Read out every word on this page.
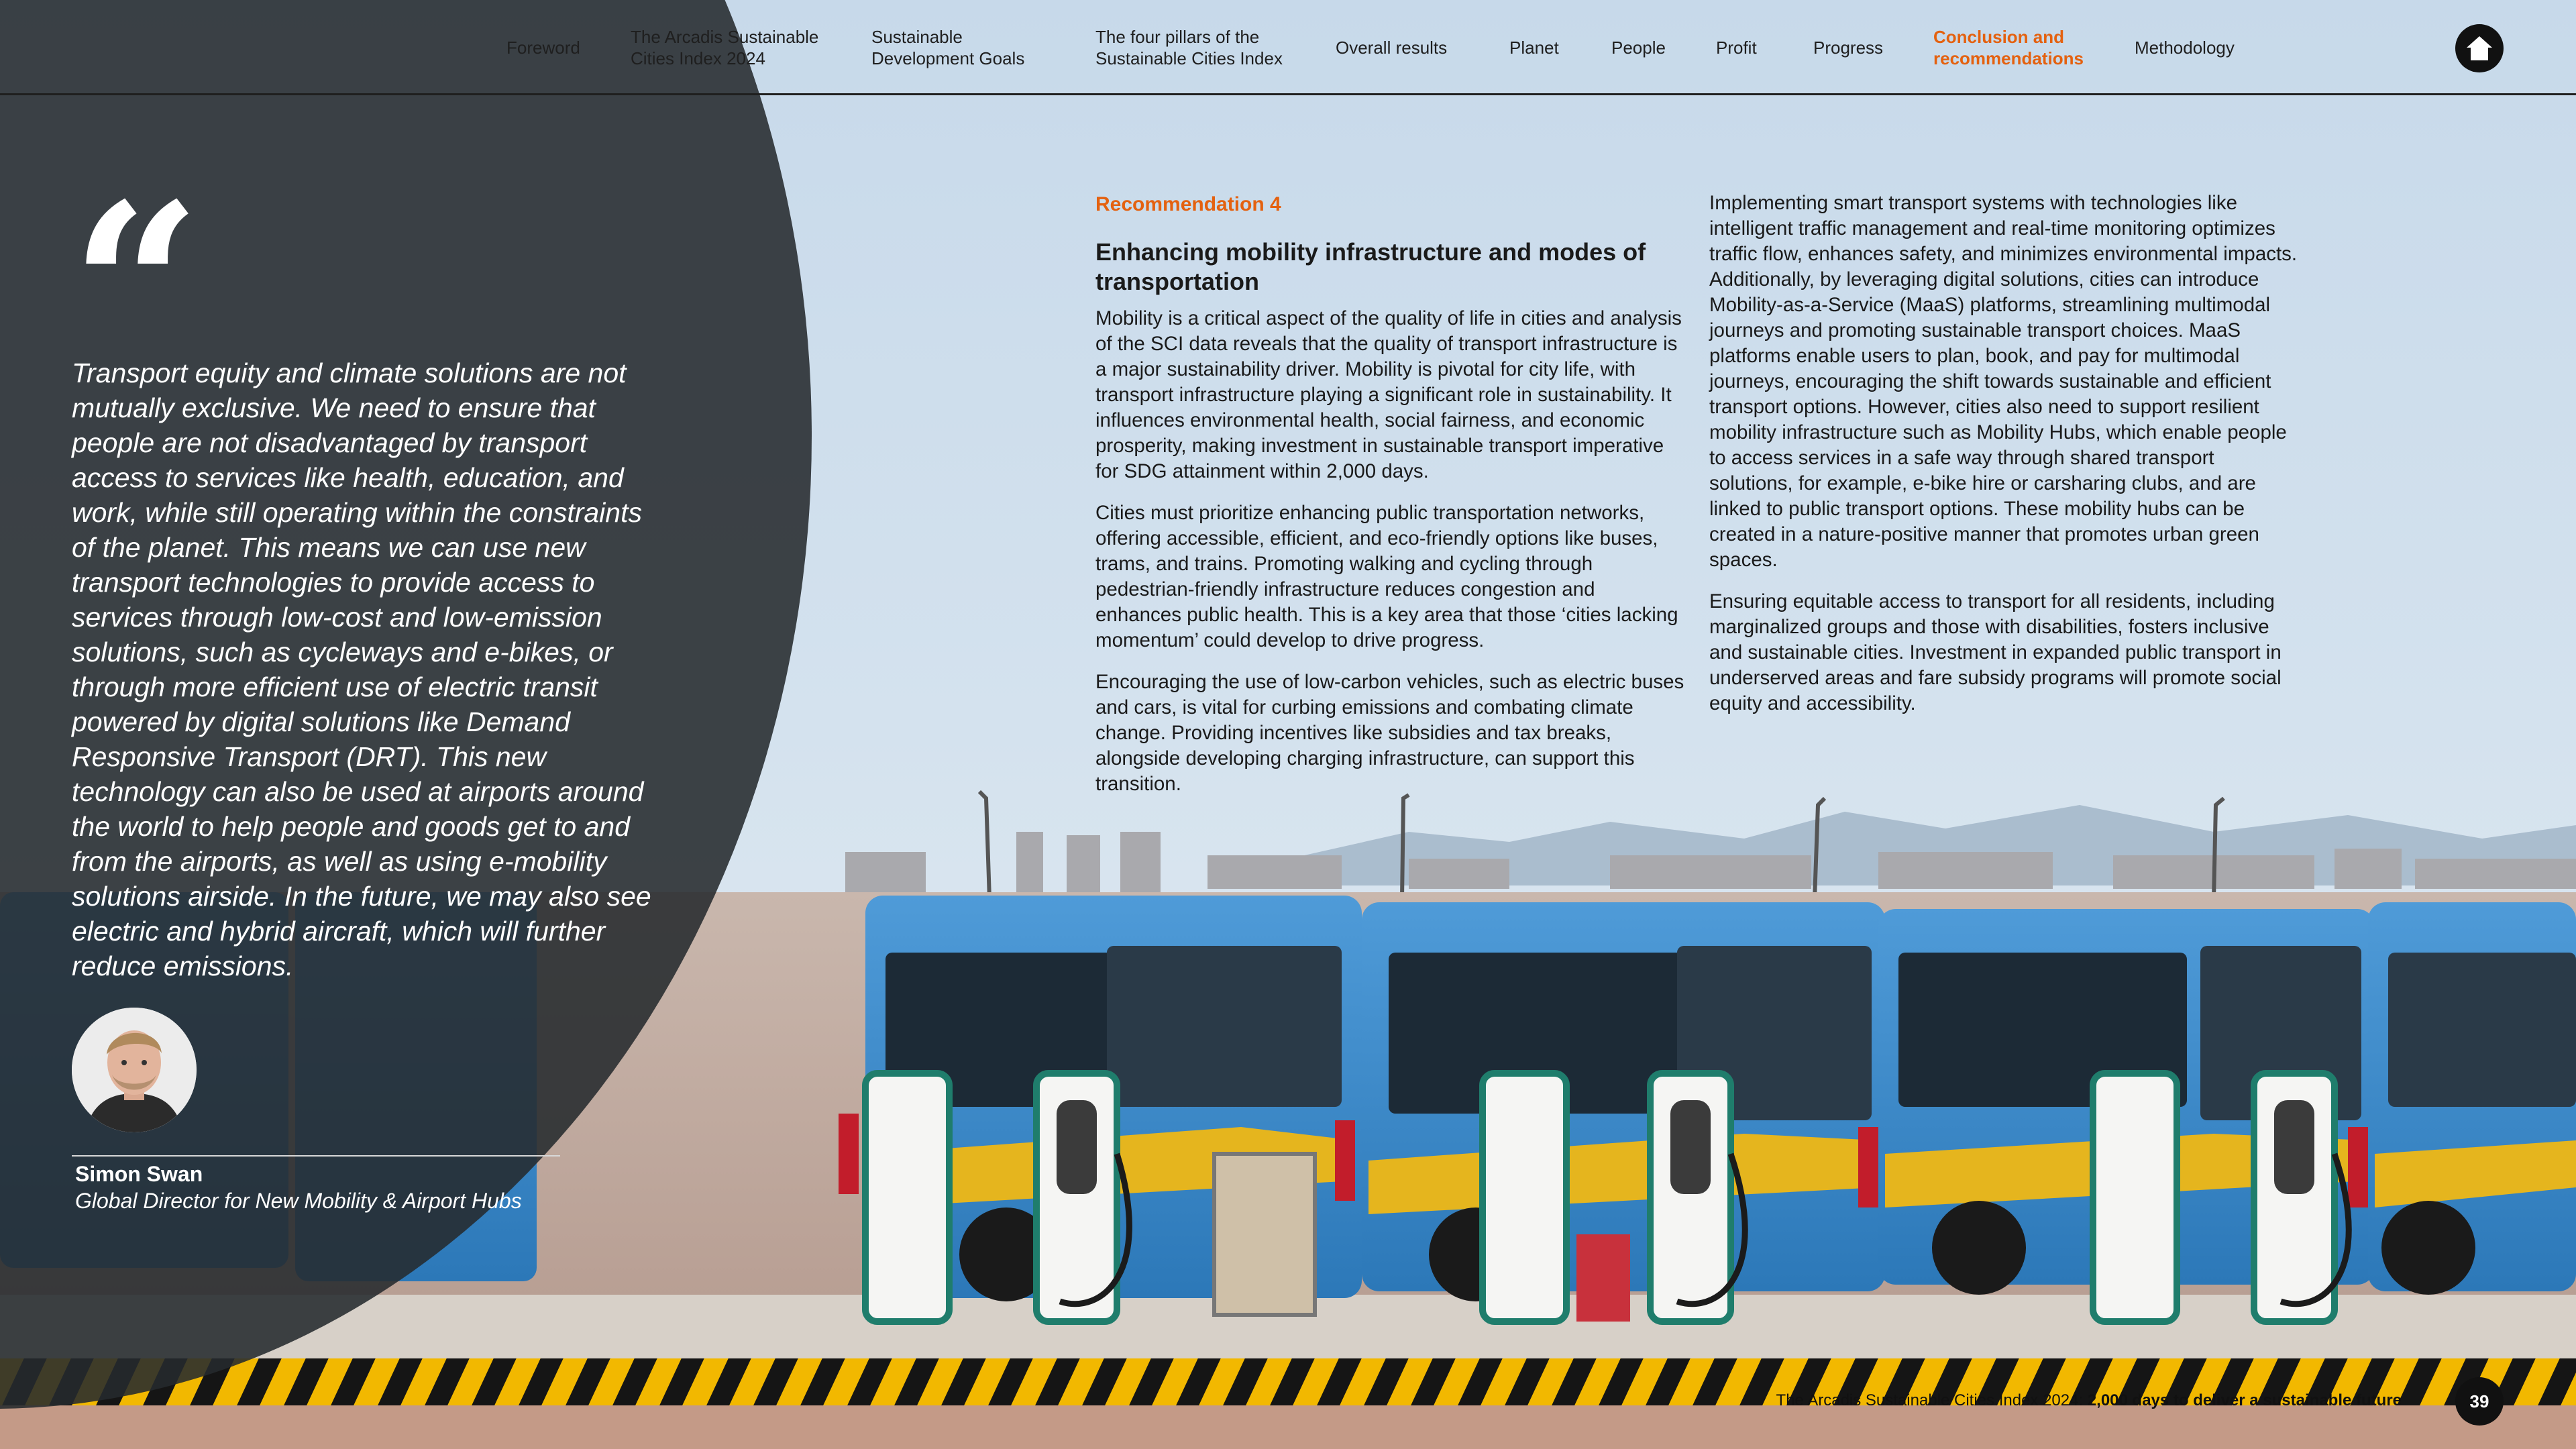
“
Transport equity and climate solutions are not mutually exclusive. We need to ensure that people are not disadvantaged by transport access to services like health, education, and work, while still operating within the constraints of the planet. This means we can use new transport technologies to provide access to services through low-cost and low-emission solutions, such as cycleways and e-bikes, or through more efficient use of electric transit powered by digital solutions like Demand Responsive Transport (DRT). This new technology can also be used at airports around the world to help people and goods get to and from the airports, as well as using e-mobility solutions airside. In the future, we may also see electric and hybrid aircraft, which will further reduce emissions.
Simon Swan
Global Director for New Mobility & Airport Hubs
Foreword
The Arcadis Sustainable
Cities Index 2024
Sustainable
Development Goals
The four pillars of the
Sustainable Cities Index
Overall results	Planet	People	Profit	Progress
Conclusion and
recommendations
Methodology
Recommendation 4
Enhancing mobility infrastructure and modes of transportation

Mobility is a critical aspect of the quality of life in cities and analysis of the SCI data reveals that the quality of transport infrastructure is a major sustainability driver. Mobility is pivotal for city life, with transport infrastructure playing a significant role in sustainability. It influences environmental health, social fairness, and economic prosperity, making investment in sustainable transport imperative for SDG attainment within 2,000 days.

Cities must prioritize enhancing public transportation networks, offering accessible, efficient, and eco-friendly options like buses, trams, and trains. Promoting walking and cycling through pedestrian-friendly infrastructure reduces congestion and enhances public health. This is a key area that those ‘cities lacking momentum’ could develop to drive progress.

Encouraging the use of low-carbon vehicles, such as electric buses and cars, is vital for curbing emissions and combating climate change. Providing incentives like subsidies and tax breaks, alongside developing charging infrastructure, can support this transition.

Implementing smart transport systems with technologies like intelligent traffic management and real-time monitoring optimizes traffic flow, enhances safety, and minimizes environmental impacts. Additionally, by leveraging digital solutions, cities can introduce Mobility-as-a-Service (MaaS) platforms, streamlining multimodal journeys and promoting sustainable transport choices. MaaS platforms enable users to plan, book, and pay for multimodal journeys, encouraging the shift towards sustainable and efficient transport options. However, cities also need to support resilient mobility infrastructure such as Mobility Hubs, which enable people to access services in a safe way through shared transport solutions, for example, e-bike hire or carsharing clubs, and are linked to public transport options. These mobility hubs can be created in a nature-positive manner that promotes urban green spaces.

Ensuring equitable access to transport for all residents, including marginalized groups and those with disabilities, fosters inclusive and sustainable cities. Investment in expanded public transport in underserved areas and fare subsidy programs will promote social equity and accessibility.

The Arcadis Sustainable Cities Index 2024: 2,000 days to deliver a sustainable future	39
